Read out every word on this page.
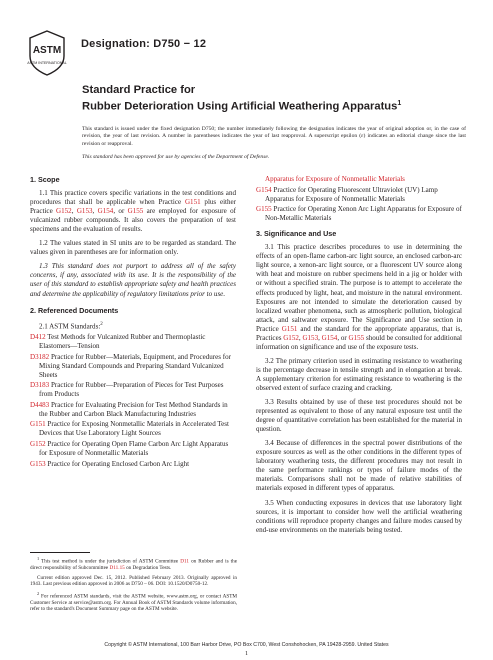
ASTM
ASTM INTERNATIONAL
Designation: D750 − 12
Standard Practice for
Rubber Deterioration Using Artificial Weathering Apparatus$^1$
This standard is issued under the fixed designation D750; the number immediately following the designation indicates the year of original adoption or, in the case of revision, the year of last revision. A number in parentheses indicates the year of last reapproval. A superscript epsilon (ε) indicates an editorial change since the last revision or reapproval.
This standard has been approved for use by agencies of the Department of Defense.
1. Scope

1.1 This practice covers specific variations in the test conditions and procedures that shall be applicable when Practice G151 plus either Practice G152, G153, G154, or G155 are employed for exposure of vulcanized rubber compounds. It also covers the preparation of test specimens and the evaluation of results.

1.2 The values stated in SI units are to be regarded as standard. The values given in parentheses are for information only.

1.3 This standard does not purport to address all of the safety concerns, if any, associated with its use. It is the responsibility of the user of this standard to establish appropriate safety and health practices and determine the applicability of regulatory limitations prior to use.

2. Referenced Documents
2.1 ASTM Standards:$^2$
D412 Test Methods for Vulcanized Rubber and Thermoplastic Elastomers—Tension
D3182 Practice for Rubber—Materials, Equipment, and Procedures for Mixing Standard Compounds and Preparing Standard Vulcanized Sheets
D3183 Practice for Rubber—Preparation of Pieces for Test Purposes from Products
D4483 Practice for Evaluating Precision for Test Method Standards in the Rubber and Carbon Black Manufacturing Industries
G151 Practice for Exposing Nonmetallic Materials in Accelerated Test Devices that Use Laboratory Light Sources
G152 Practice for Operating Open Flame Carbon Arc Light Apparatus for Exposure of Nonmetallic Materials
G153 Practice for Operating Enclosed Carbon Arc Light
Apparatus for Exposure of Nonmetallic Materials
G154 Practice for Operating Fluorescent Ultraviolet (UV) Lamp Apparatus for Exposure of Nonmetallic Materials
G155 Practice for Operating Xenon Arc Light Apparatus for Exposure of Non-Metallic Materials
3. Significance and Use

3.1 This practice describes procedures to use in determining the effects of an open-flame carbon-arc light source, an enclosed carbon-arc light source, a xenon-arc light source, or a fluorescent UV source along with heat and moisture on rubber specimens held in a jig or holder with or without a specified strain. The purpose is to attempt to accelerate the effects produced by light, heat, and moisture in the natural environment. Exposures are not intended to simulate the deterioration caused by localized weather phenomena, such as atmospheric pollution, biological attack, and saltwater exposure. The Significance and Use section in Practice G151 and the standard for the appropriate apparatus, that is, Practices G152, G153, G154, or G155 should be consulted for additional information on significance and use of the exposure tests.

3.2 The primary criterion used in estimating resistance to weathering is the percentage decrease in tensile strength and in elongation at break. A supplementary criterion for estimating resistance to weathering is the observed extent of surface crazing and cracking.

3.3 Results obtained by use of these test procedures should not be represented as equivalent to those of any natural exposure test until the degree of quantitative correlation has been established for the material in question.

3.4 Because of differences in the spectral power distributions of the exposure sources as well as the other conditions in the different types of laboratory weathering tests, the different procedures may not result in the same performance rankings or types of failure modes of the materials. Comparisons shall not be made of relative stabilities of materials exposed in different types of apparatus.

3.5 When conducting exposures in devices that use laboratory light sources, it is important to consider how well the artificial weathering conditions will reproduce property changes and failure modes caused by end-use environments on the materials being tested.

$^1$ This test method is under the jurisdiction of ASTM Committee D11 on Rubber and is the direct responsibility of Subcommittee D11.15 on Degradation Tests.

Current edition approved Dec. 15, 2012. Published February 2013. Originally approved in 1943. Last previous edition approved in 2006 as D750 – 06. DOI: 10.1520/D0750-12.

$^2$ For referenced ASTM standards, visit the ASTM website, www.astm.org, or contact ASTM Customer Service at service@astm.org. For Annual Book of ASTM Standards volume information, refer to the standard's Document Summary page on the ASTM website.

Copyright © ASTM International, 100 Barr Harbor Drive, PO Box C700, West Conshohocken, PA 19428-2959. United States
1
